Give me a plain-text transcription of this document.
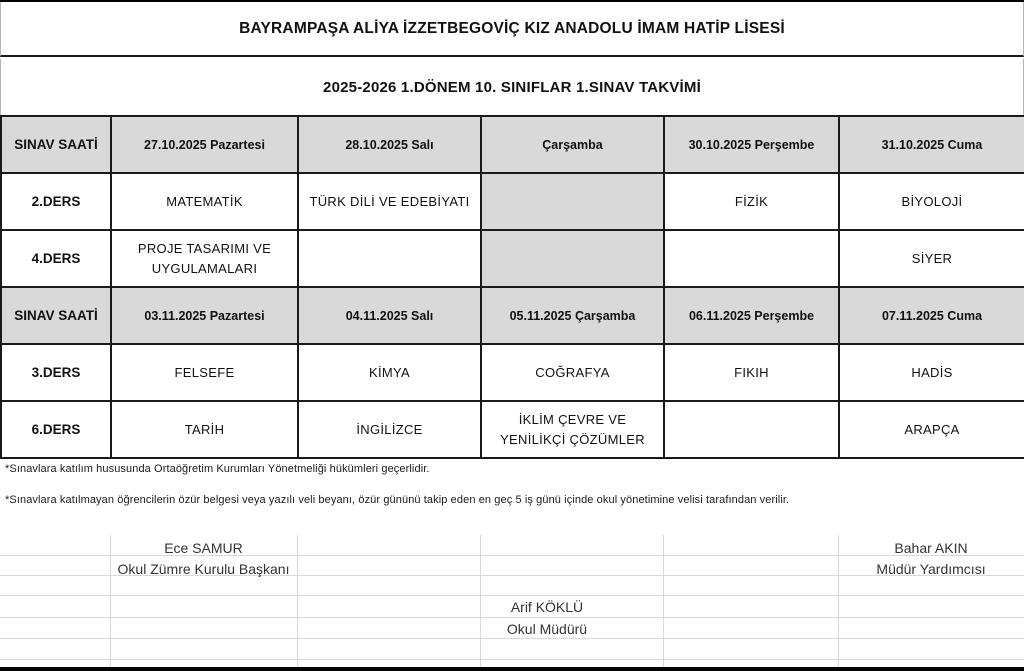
BAYRAMPAŞA ALİYA İZZETBEGOVİÇ KIZ ANADOLU İMAM HATİP LİSESİ
2025-2026 1.DÖNEM 10. SINIFLAR 1.SINAV TAKVİMİ
SINAV SAATİ	27.10.2025 Pazartesi	28.10.2025 Salı	Çarşamba	30.10.2025 Perşembe	31.10.2025 Cuma
2.DERS	MATEMATİK	TÜRK DİLİ VE EDEBİYATI		FİZİK	BİYOLOJİ
4.DERS	PROJE TASARIMI VE UYGULAMALARI				SİYER
SINAV SAATİ	03.11.2025 Pazartesi	04.11.2025 Salı	05.11.2025 Çarşamba	06.11.2025 Perşembe	07.11.2025 Cuma
3.DERS	FELSEFE	KİMYA	COĞRAFYA	FIKIH	HADİS
6.DERS	TARİH	İNGİLİZCE	İKLİM ÇEVRE VE YENİLİKÇİ ÇÖZÜMLER		ARAPÇA
*Sınavlara katılım hususunda Ortaöğretim Kurumları Yönetmeliği hükümleri geçerlidir.
*Sınavlara katılmayan öğrencilerin özür belgesi veya yazılı veli beyanı, özür gününü takip eden en geç 5 iş günü içinde okul yönetimine velisi tarafından verilir.
Ece SAMUR
Okul Zümre Kurulu Başkanı
Bahar AKIN
Müdür Yardımcısı
Arif KÖKLÜ
Okul Müdürü
